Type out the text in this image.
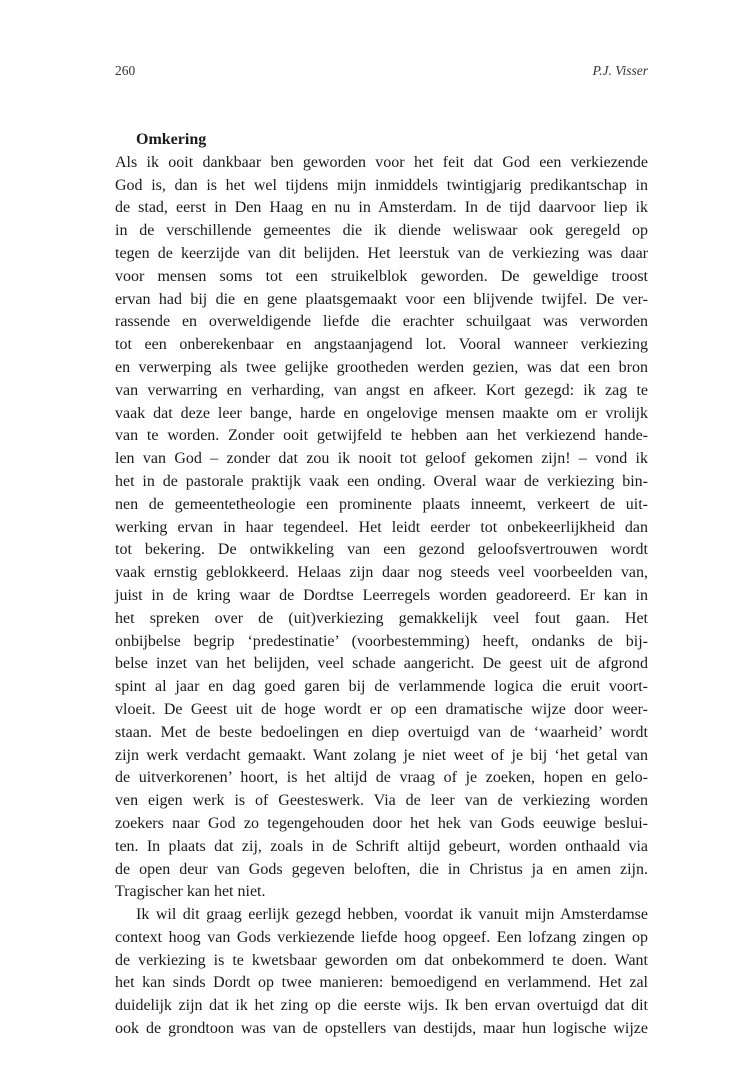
260	P.J. Visser
Omkering
Als ik ooit dankbaar ben geworden voor het feit dat God een verkiezende
God is, dan is het wel tijdens mijn inmiddels twintigjarig predikantschap in
de stad, eerst in Den Haag en nu in Amsterdam. In de tijd daarvoor liep ik
in de verschillende gemeentes die ik diende weliswaar ook geregeld op
tegen de keerzijde van dit belijden. Het leerstuk van de verkiezing was daar
voor mensen soms tot een struikelblok geworden. De geweldige troost
ervan had bij die en gene plaatsgemaakt voor een blijvende twijfel. De ver-
rassende en overweldigende liefde die erachter schuilgaat was verworden
tot een onberekenbaar en angstaanjagend lot. Vooral wanneer verkiezing
en verwerping als twee gelijke grootheden werden gezien, was dat een bron
van verwarring en verharding, van angst en afkeer. Kort gezegd: ik zag te
vaak dat deze leer bange, harde en ongelovige mensen maakte om er vrolijk
van te worden. Zonder ooit getwijfeld te hebben aan het verkiezend hande-
len van God – zonder dat zou ik nooit tot geloof gekomen zijn! – vond ik
het in de pastorale praktijk vaak een onding. Overal waar de verkiezing bin-
nen de gemeentetheologie een prominente plaats inneemt, verkeert de uit-
werking ervan in haar tegendeel. Het leidt eerder tot onbekeerlijkheid dan
tot bekering. De ontwikkeling van een gezond geloofsvertrouwen wordt
vaak ernstig geblokkeerd. Helaas zijn daar nog steeds veel voorbeelden van,
juist in de kring waar de Dordtse Leerregels worden geadoreerd. Er kan in
het spreken over de (uit)verkiezing gemakkelijk veel fout gaan. Het
onbijbelse begrip ‘predestinatie’ (voorbestemming) heeft, ondanks de bij-
belse inzet van het belijden, veel schade aangericht. De geest uit de afgrond
spint al jaar en dag goed garen bij de verlammende logica die eruit voort-
vloeit. De Geest uit de hoge wordt er op een dramatische wijze door weer-
staan. Met de beste bedoelingen en diep overtuigd van de ‘waarheid’ wordt
zijn werk verdacht gemaakt. Want zolang je niet weet of je bij ‘het getal van
de uitverkorenen’ hoort, is het altijd de vraag of je zoeken, hopen en gelo-
ven eigen werk is of Geesteswerk. Via de leer van de verkiezing worden
zoekers naar God zo tegengehouden door het hek van Gods eeuwige beslui-
ten. In plaats dat zij, zoals in de Schrift altijd gebeurt, worden onthaald via
de open deur van Gods gegeven beloften, die in Christus ja en amen zijn.
Tragischer kan het niet.
Ik wil dit graag eerlijk gezegd hebben, voordat ik vanuit mijn Amsterdamse
context hoog van Gods verkiezende liefde hoog opgeef. Een lofzang zingen op
de verkiezing is te kwetsbaar geworden om dat onbekommerd te doen. Want
het kan sinds Dordt op twee manieren: bemoedigend en verlammend. Het zal
duidelijk zijn dat ik het zing op die eerste wijs. Ik ben ervan overtuigd dat dit
ook de grondtoon was van de opstellers van destijds, maar hun logische wijze
